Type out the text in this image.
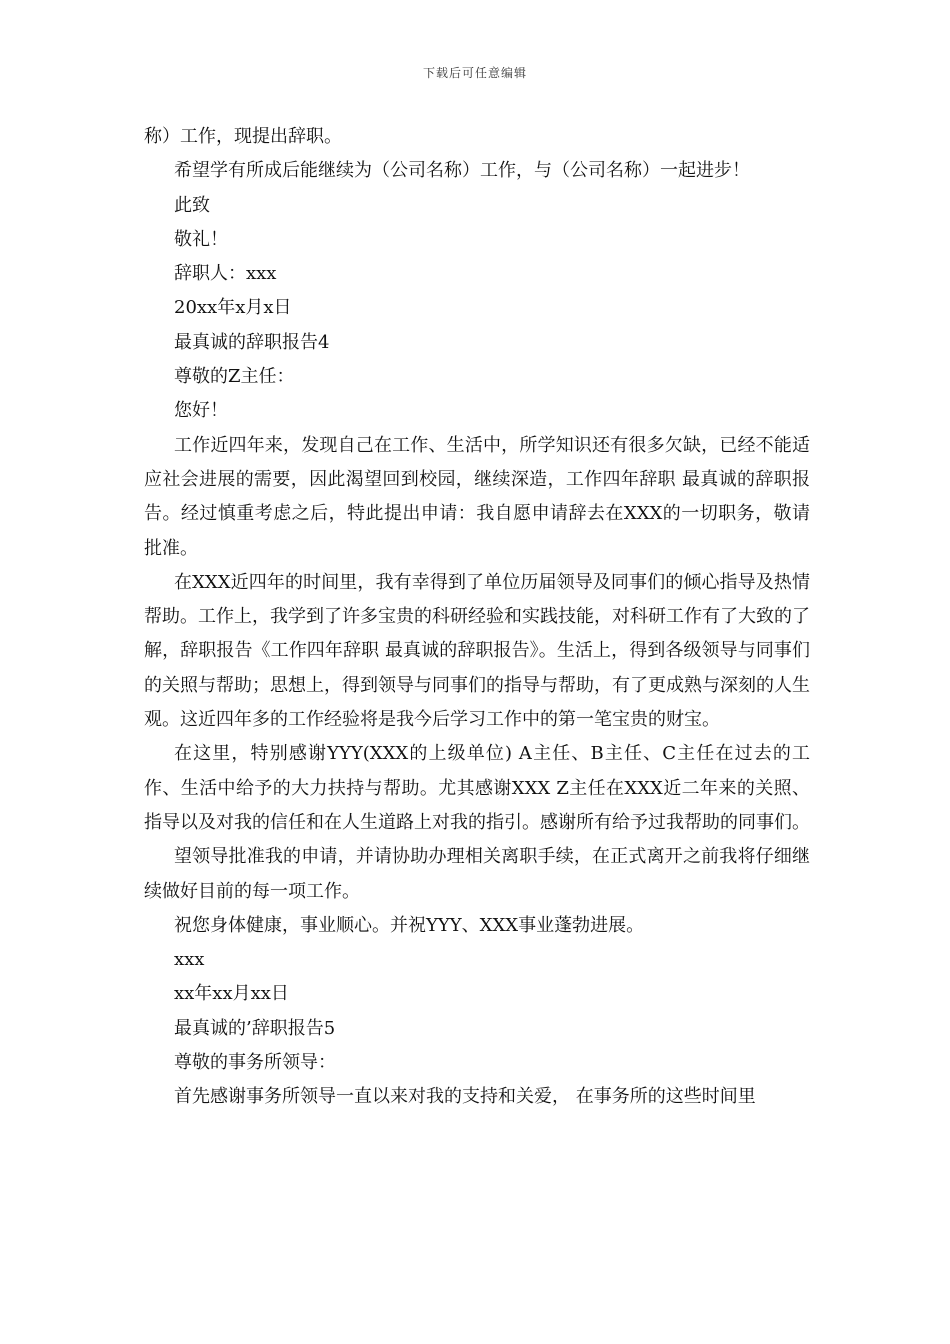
下载后可任意编辑

称）工作，现提出辞职。

希望学有所成后能继续为（公司名称）工作，与（公司名称）一起进步！

此致

敬礼！

辞职人：xxx

20xx年x月x日

最真诚的辞职报告4

尊敬的Z主任：

您好！

工作近四年来，发现自己在工作、生活中，所学知识还有很多欠缺，已经不能适应社会进展的需要，因此渴望回到校园，继续深造，工作四年辞职 最真诚的辞职报告。经过慎重考虑之后，特此提出申请：我自愿申请辞去在XXX的一切职务，敬请批准。

在XXX近四年的时间里，我有幸得到了单位历届领导及同事们的倾心指导及热情帮助。工作上，我学到了许多宝贵的科研经验和实践技能，对科研工作有了大致的了解，辞职报告《工作四年辞职 最真诚的辞职报告》。生活上，得到各级领导与同事们的关照与帮助；思想上，得到领导与同事们的指导与帮助，有了更成熟与深刻的人生观。这近四年多的工作经验将是我今后学习工作中的第一笔宝贵的财宝。

在这里，特别感谢YYY(XXX的上级单位) A主任、B主任、C主任在过去的工作、生活中给予的大力扶持与帮助。尤其感谢XXX Z主任在XXX近二年来的关照、指导以及对我的信任和在人生道路上对我的指引。感谢所有给予过我帮助的同事们。

望领导批准我的申请，并请协助办理相关离职手续，在正式离开之前我将仔细继续做好目前的每一项工作。

祝您身体健康，事业顺心。并祝YYY、XXX事业蓬勃进展。

xxx

xx年xx月xx日

最真诚的’辞职报告5

尊敬的事务所领导：

首先感谢事务所领导一直以来对我的支持和关爱， 在事务所的这些时间里
